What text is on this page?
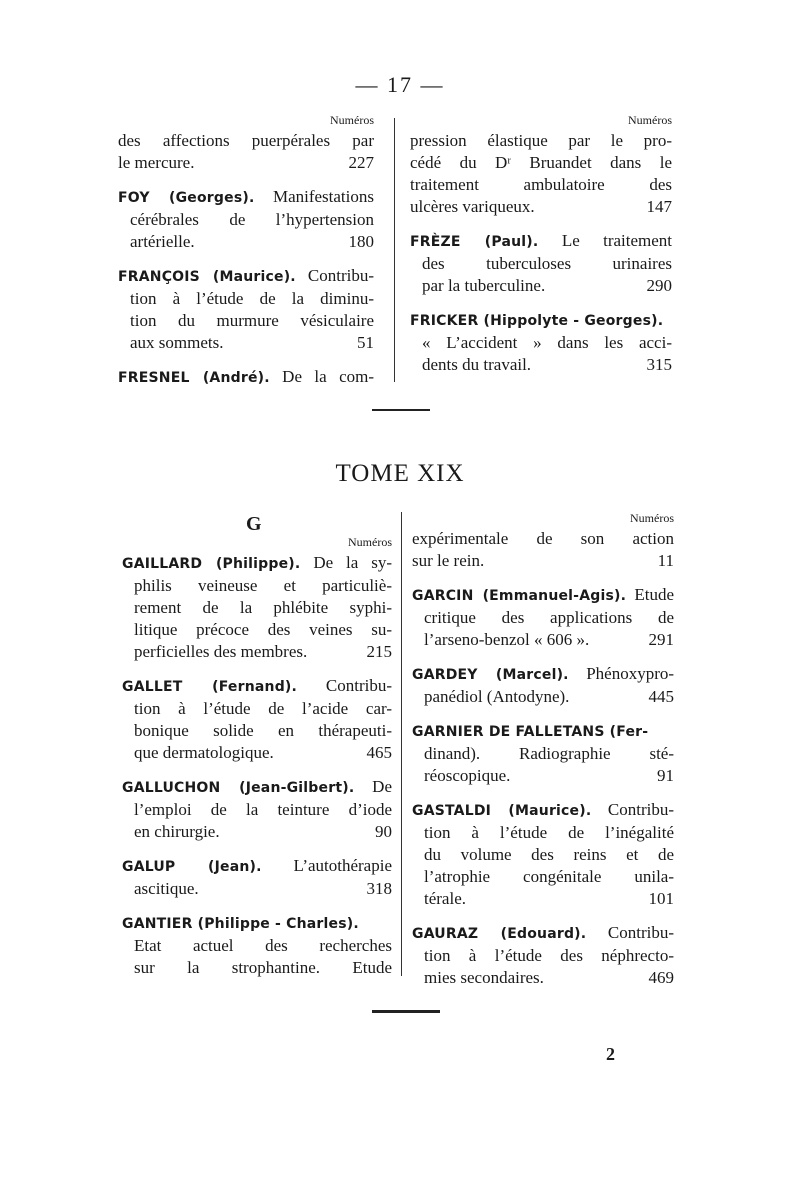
— 17 —
Numéros
des affections puerpérales par
le mercure.	227
FOY (Georges). Manifestations
cérébrales de l’hypertension
artérielle.	180
FRANÇOIS (Maurice). Contribu-
tion à l’étude de la diminu-
tion du murmure vésiculaire
aux sommets.	51
FRESNEL (André). De la com-
Numéros
pression élastique par le pro-
cédé du Dʳ Bruandet dans le
traitement ambulatoire des
ulcères variqueux.	147
FRÈZE (Paul). Le traitement
des tuberculoses urinaires
par la tuberculine.	290
FRICKER (Hippolyte - Georges).
« L’accident » dans les acci-
dents du travail.	315
TOME XIX
G
Numéros
GAILLARD (Philippe). De la sy-
philis veineuse et particuliè-
rement de la phlébite syphi-
litique précoce des veines su-
perficielles des membres.	215
GALLET (Fernand). Contribu-
tion à l’étude de l’acide car-
bonique solide en thérapeuti-
que dermatologique.	465
GALLUCHON (Jean-Gilbert). De
l’emploi de la teinture d’iode
en chirurgie.	90
GALUP (Jean). L’autothérapie
ascitique.	318
GANTIER (Philippe - Charles).
Etat actuel des recherches
sur la strophantine. Etude
Numéros
expérimentale de son action
sur le rein.	11
GARCIN (Emmanuel-Agis). Etude
critique des applications de
l’arseno-benzol « 606 ».	291
GARDEY (Marcel). Phénoxypro-
panédiol (Antodyne).	445
GARNIER DE FALLETANS (Fer-
dinand). Radiographie sté-
réoscopique.	91
GASTALDI (Maurice). Contribu-
tion à l’étude de l’inégalité
du volume des reins et de
l’atrophie congénitale unila-
térale.	101
GAURAZ (Edouard). Contribu-
tion à l’étude des néphrecto-
mies secondaires.	469
2
